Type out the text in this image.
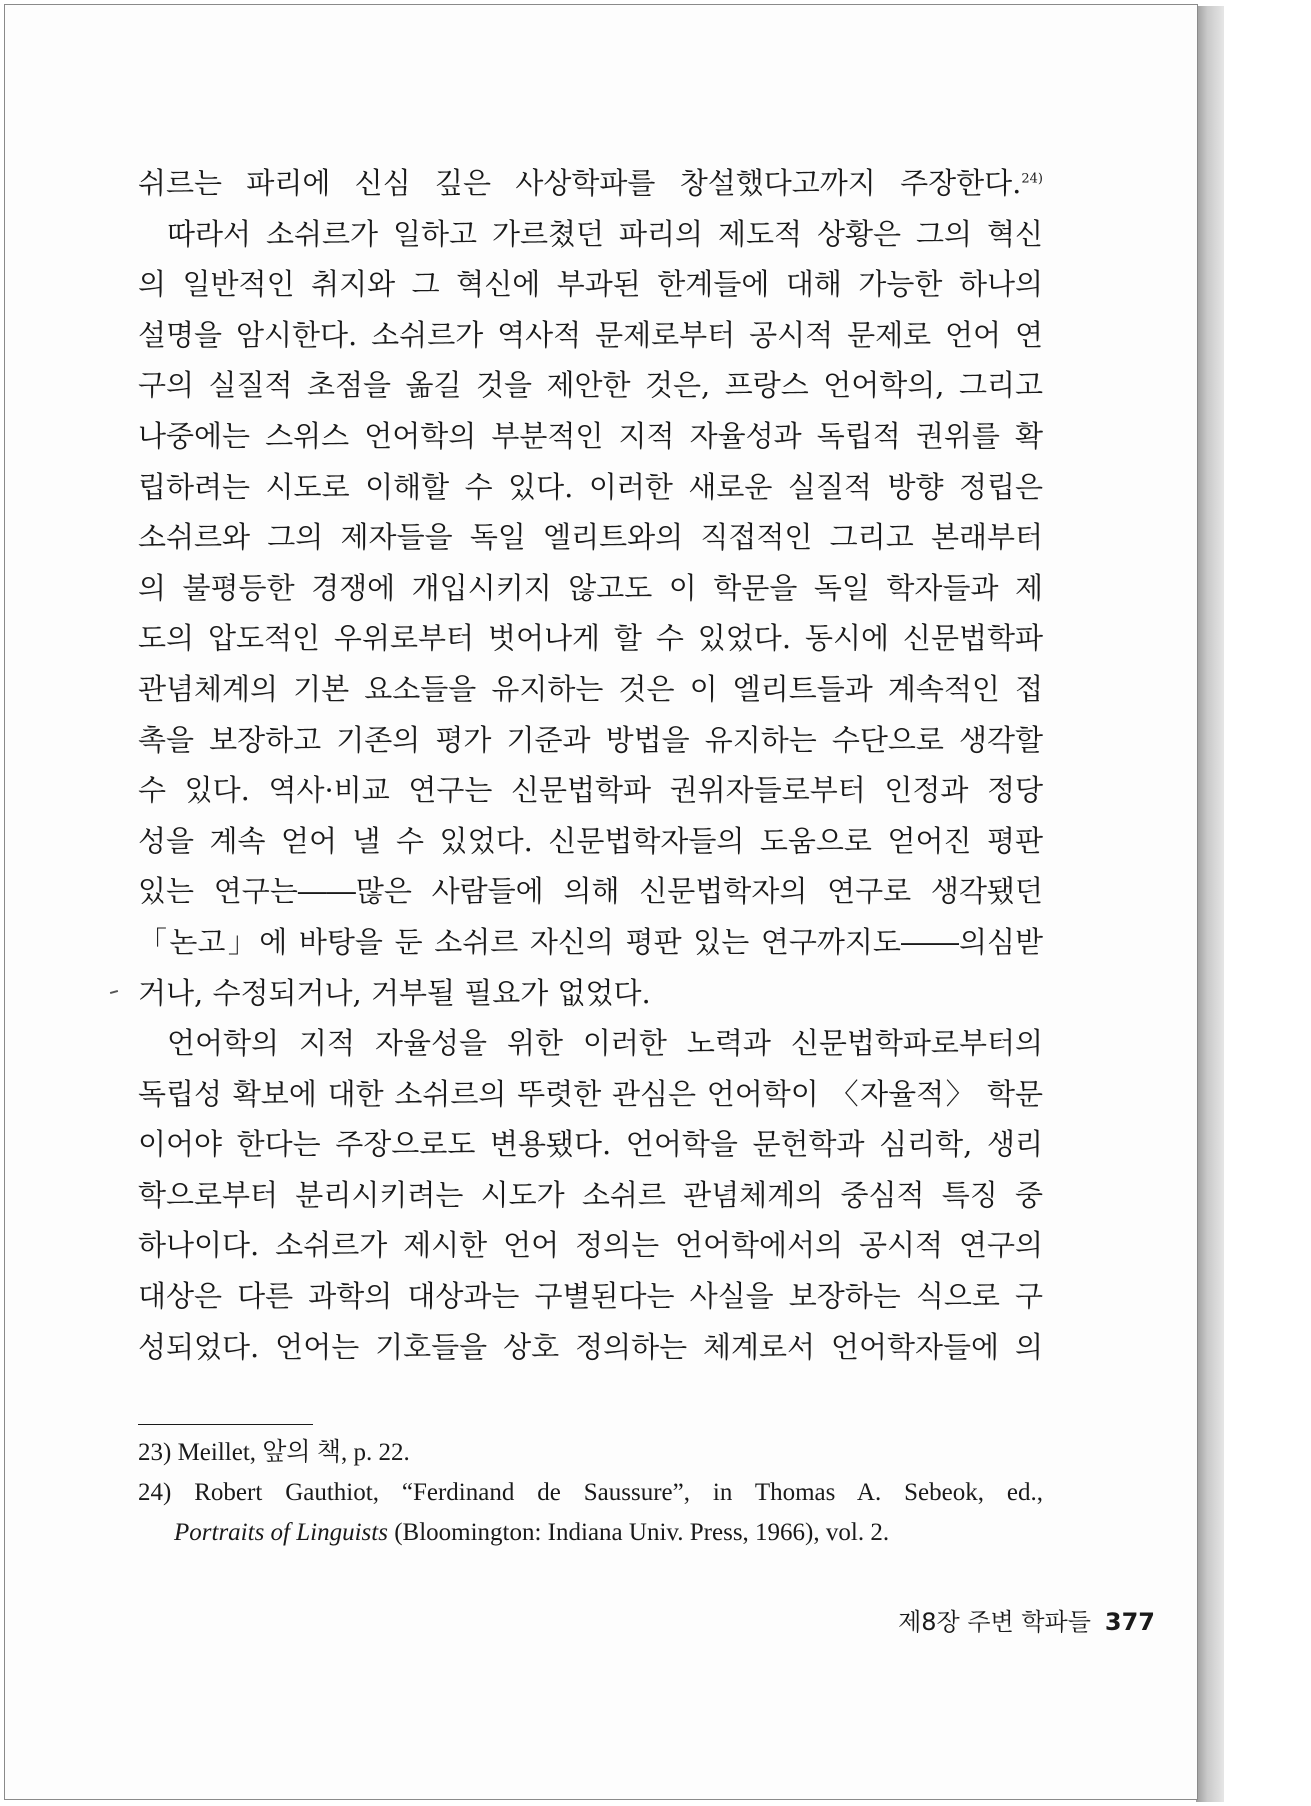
쉬르는 파리에 신심 깊은 사상학파를 창설했다고까지 주장한다.$^{24)}$
따라서 소쉬르가 일하고 가르쳤던 파리의 제도적 상황은 그의 혁신
의 일반적인 취지와 그 혁신에 부과된 한계들에 대해 가능한 하나의
설명을 암시한다. 소쉬르가 역사적 문제로부터 공시적 문제로 언어 연
구의 실질적 초점을 옮길 것을 제안한 것은, 프랑스 언어학의, 그리고
나중에는 스위스 언어학의 부분적인 지적 자율성과 독립적 권위를 확
립하려는 시도로 이해할 수 있다. 이러한 새로운 실질적 방향 정립은
소쉬르와 그의 제자들을 독일 엘리트와의 직접적인 그리고 본래부터
의 불평등한 경쟁에 개입시키지 않고도 이 학문을 독일 학자들과 제
도의 압도적인 우위로부터 벗어나게 할 수 있었다. 동시에 신문법학파
관념체계의 기본 요소들을 유지하는 것은 이 엘리트들과 계속적인 접
촉을 보장하고 기존의 평가 기준과 방법을 유지하는 수단으로 생각할
수 있다. 역사·비교 연구는 신문법학파 권위자들로부터 인정과 정당
성을 계속 얻어 낼 수 있었다. 신문법학자들의 도움으로 얻어진 평판
있는 연구는――많은 사람들에 의해 신문법학자의 연구로 생각됐던
「논고」에 바탕을 둔 소쉬르 자신의 평판 있는 연구까지도――의심받
거나, 수정되거나, 거부될 필요가 없었다.
언어학의 지적 자율성을 위한 이러한 노력과 신문법학파로부터의
독립성 확보에 대한 소쉬르의 뚜렷한 관심은 언어학이 〈자율적〉 학문
이어야 한다는 주장으로도 변용됐다. 언어학을 문헌학과 심리학, 생리
학으로부터 분리시키려는 시도가 소쉬르 관념체계의 중심적 특징 중
하나이다. 소쉬르가 제시한 언어 정의는 언어학에서의 공시적 연구의
대상은 다른 과학의 대상과는 구별된다는 사실을 보장하는 식으로 구
성되었다. 언어는 기호들을 상호 정의하는 체계로서 언어학자들에 의
23) Meillet, 앞의 책, p. 22.
24) Robert Gauthiot, “Ferdinand de Saussure”, in Thomas A. Sebeok, ed.,
Portraits of Linguists (Bloomington: Indiana Univ. Press, 1966), vol. 2.
제8장 주변 학파들 377
